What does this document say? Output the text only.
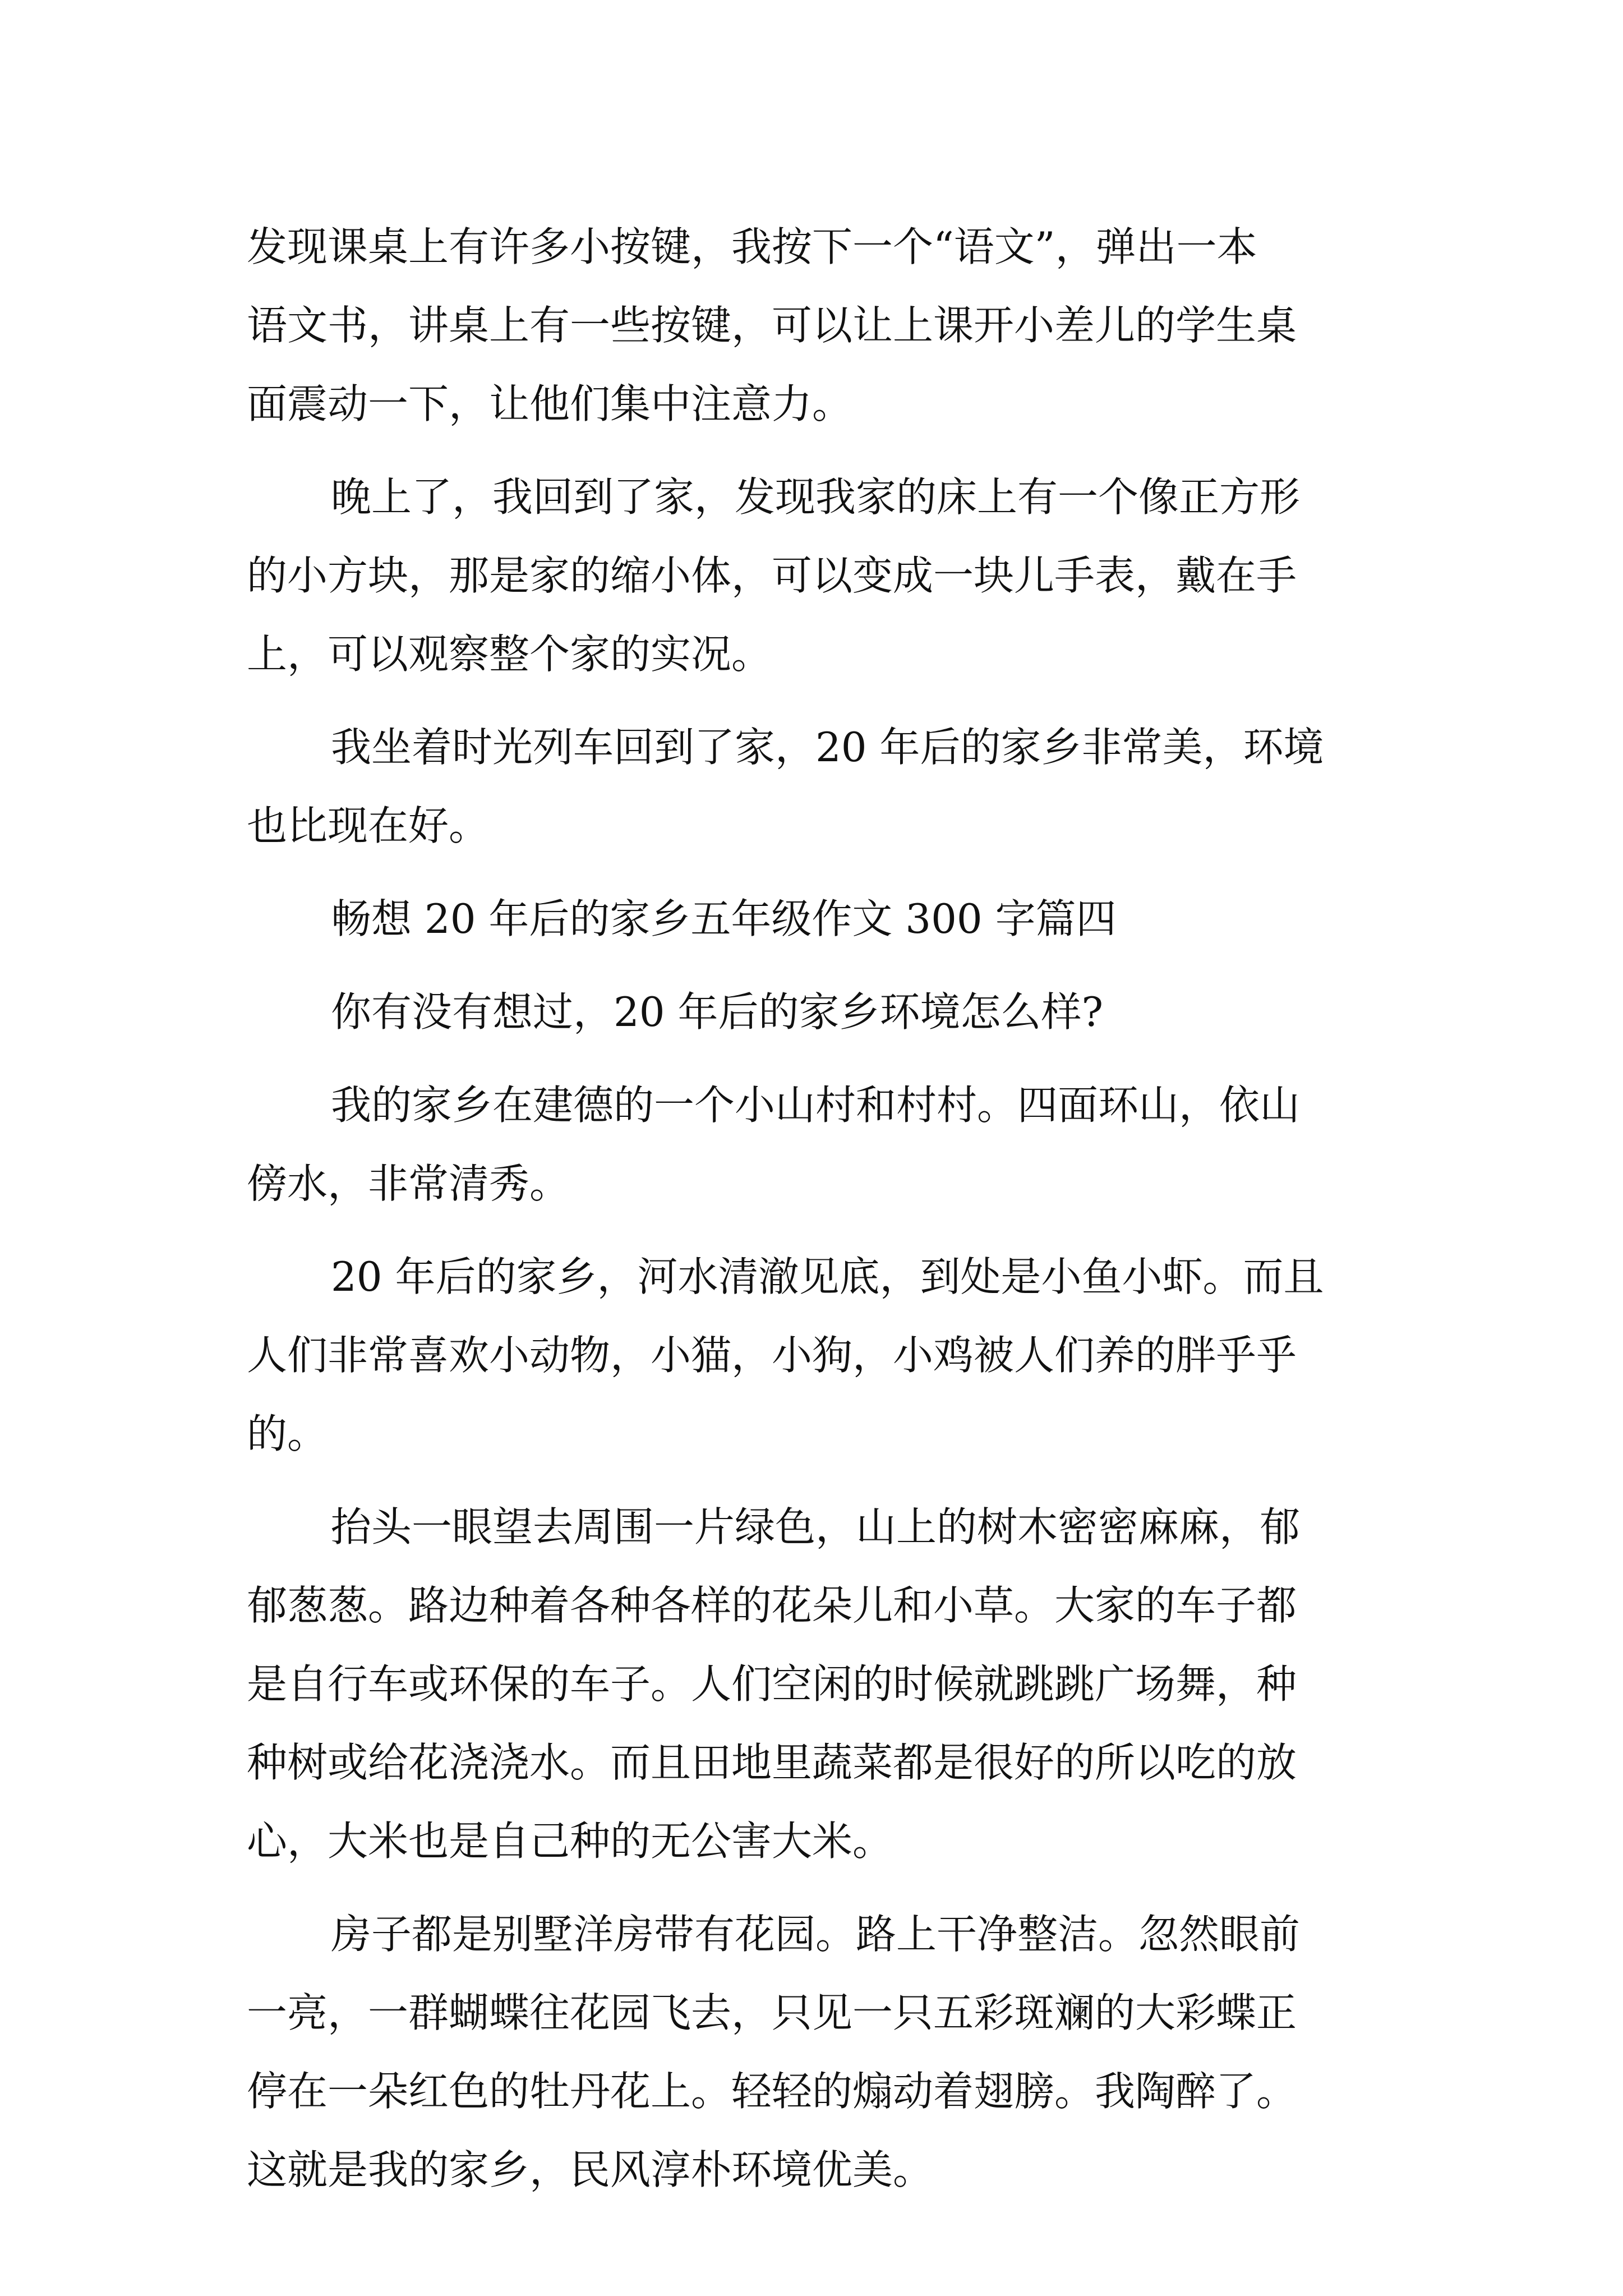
发现课桌上有许多小按键，我按下一个“语文”，弹出一本
语文书，讲桌上有一些按键，可以让上课开小差儿的学生桌
面震动一下，让他们集中注意力。

晚上了，我回到了家，发现我家的床上有一个像正方形
的小方块，那是家的缩小体，可以变成一块儿手表，戴在手
上，可以观察整个家的实况。

我坐着时光列车回到了家，20 年后的家乡非常美，环境
也比现在好。

畅想 20 年后的家乡五年级作文 300 字篇四

你有没有想过，20 年后的家乡环境怎么样?

我的家乡在建德的一个小山村和村村。四面环山，依山
傍水，非常清秀。

20 年后的家乡，河水清澈见底，到处是小鱼小虾。而且
人们非常喜欢小动物，小猫，小狗，小鸡被人们养的胖乎乎
的。

抬头一眼望去周围一片绿色，山上的树木密密麻麻，郁
郁葱葱。路边种着各种各样的花朵儿和小草。大家的车子都
是自行车或环保的车子。人们空闲的时候就跳跳广场舞，种
种树或给花浇浇水。而且田地里蔬菜都是很好的所以吃的放
心，大米也是自己种的无公害大米。

房子都是别墅洋房带有花园。路上干净整洁。忽然眼前
一亮，一群蝴蝶往花园飞去，只见一只五彩斑斓的大彩蝶正
停在一朵红色的牡丹花上。轻轻的煽动着翅膀。我陶醉了。
这就是我的家乡，民风淳朴环境优美。
